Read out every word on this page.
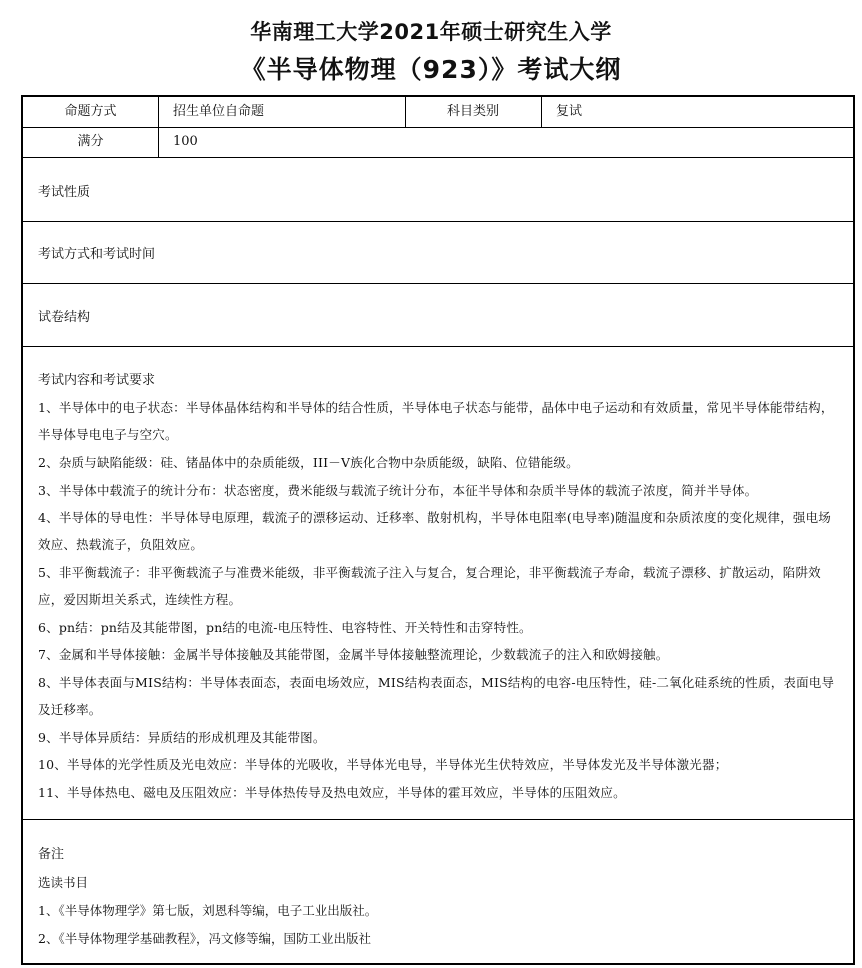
华南理工大学2021年硕士研究生入学
《半导体物理（923）》考试大纲
命题方式	招生单位自命题	科目类别	复试
满分	100
考试性质
考试方式和考试时间
试卷结构
考试内容和考试要求
1、半导体中的电子状态：半导体晶体结构和半导体的结合性质，半导体电子状态与能带，晶体中电子运动和有效质量，常见半导体能带结构，半导体导电电子与空穴。
2、杂质与缺陷能级：硅、锗晶体中的杂质能级，III－V族化合物中杂质能级，缺陷、位错能级。
3、半导体中载流子的统计分布：状态密度，费米能级与载流子统计分布，本征半导体和杂质半导体的载流子浓度，简并半导体。
4、半导体的导电性：半导体导电原理，载流子的漂移运动、迁移率、散射机构，半导体电阻率(电导率)随温度和杂质浓度的变化规律，强电场效应、热载流子，负阻效应。
5、非平衡载流子：非平衡载流子与准费米能级，非平衡载流子注入与复合，复合理论，非平衡载流子寿命，载流子漂移、扩散运动，陷阱效应，爱因斯坦关系式，连续性方程。
6、pn结：pn结及其能带图，pn结的电流-电压特性、电容特性、开关特性和击穿特性。
7、金属和半导体接触：金属半导体接触及其能带图，金属半导体接触整流理论，少数载流子的注入和欧姆接触。
8、半导体表面与MIS结构：半导体表面态，表面电场效应，MIS结构表面态，MIS结构的电容-电压特性，硅-二氧化硅系统的性质，表面电导及迁移率。
9、半导体异质结：异质结的形成机理及其能带图。
10、半导体的光学性质及光电效应：半导体的光吸收，半导体光电导，半导体光生伏特效应，半导体发光及半导体激光器；
11、半导体热电、磁电及压阻效应：半导体热传导及热电效应，半导体的霍耳效应，半导体的压阻效应。
备注
选读书目
1、《半导体物理学》第七版，刘恩科等编，电子工业出版社。
2、《半导体物理学基础教程》，冯文修等编，国防工业出版社
